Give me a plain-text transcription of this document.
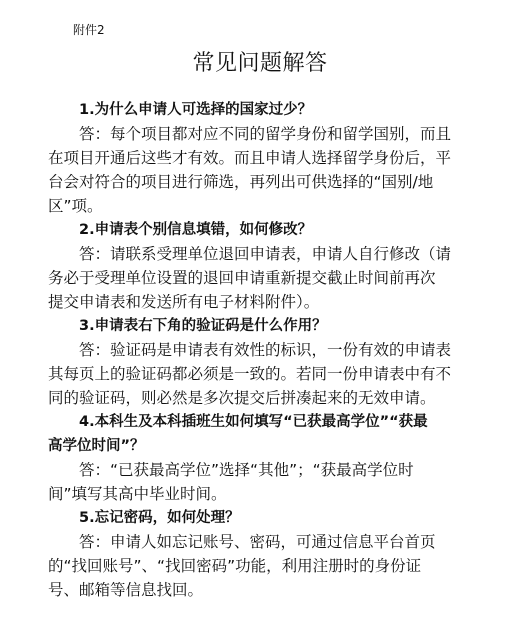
附件2
常见问题解答

1.为什么申请人可选择的国家过少？

答：每个项目都对应不同的留学身份和留学国别，而且
在项目开通后这些才有效。而且申请人选择留学身份后，平
台会对符合的项目进行筛选，再列出可供选择的“国别/地
区”项。

2.申请表个别信息填错，如何修改？

答：请联系受理单位退回申请表，申请人自行修改（请
务必于受理单位设置的退回申请重新提交截止时间前再次
提交申请表和发送所有电子材料附件）。

3.申请表右下角的验证码是什么作用？

答：验证码是申请表有效性的标识，一份有效的申请表
其每页上的验证码都必须是一致的。若同一份申请表中有不
同的验证码，则必然是多次提交后拼凑起来的无效申请。

4.本科生及本科插班生如何填写“已获最高学位”“获最

高学位时间”？

答：“已获最高学位”选择“其他”；“获最高学位时
间”填写其高中毕业时间。

5.忘记密码，如何处理？

答：申请人如忘记账号、密码，可通过信息平台首页
的“找回账号”、“找回密码”功能，利用注册时的身份证
号、邮箱等信息找回。
